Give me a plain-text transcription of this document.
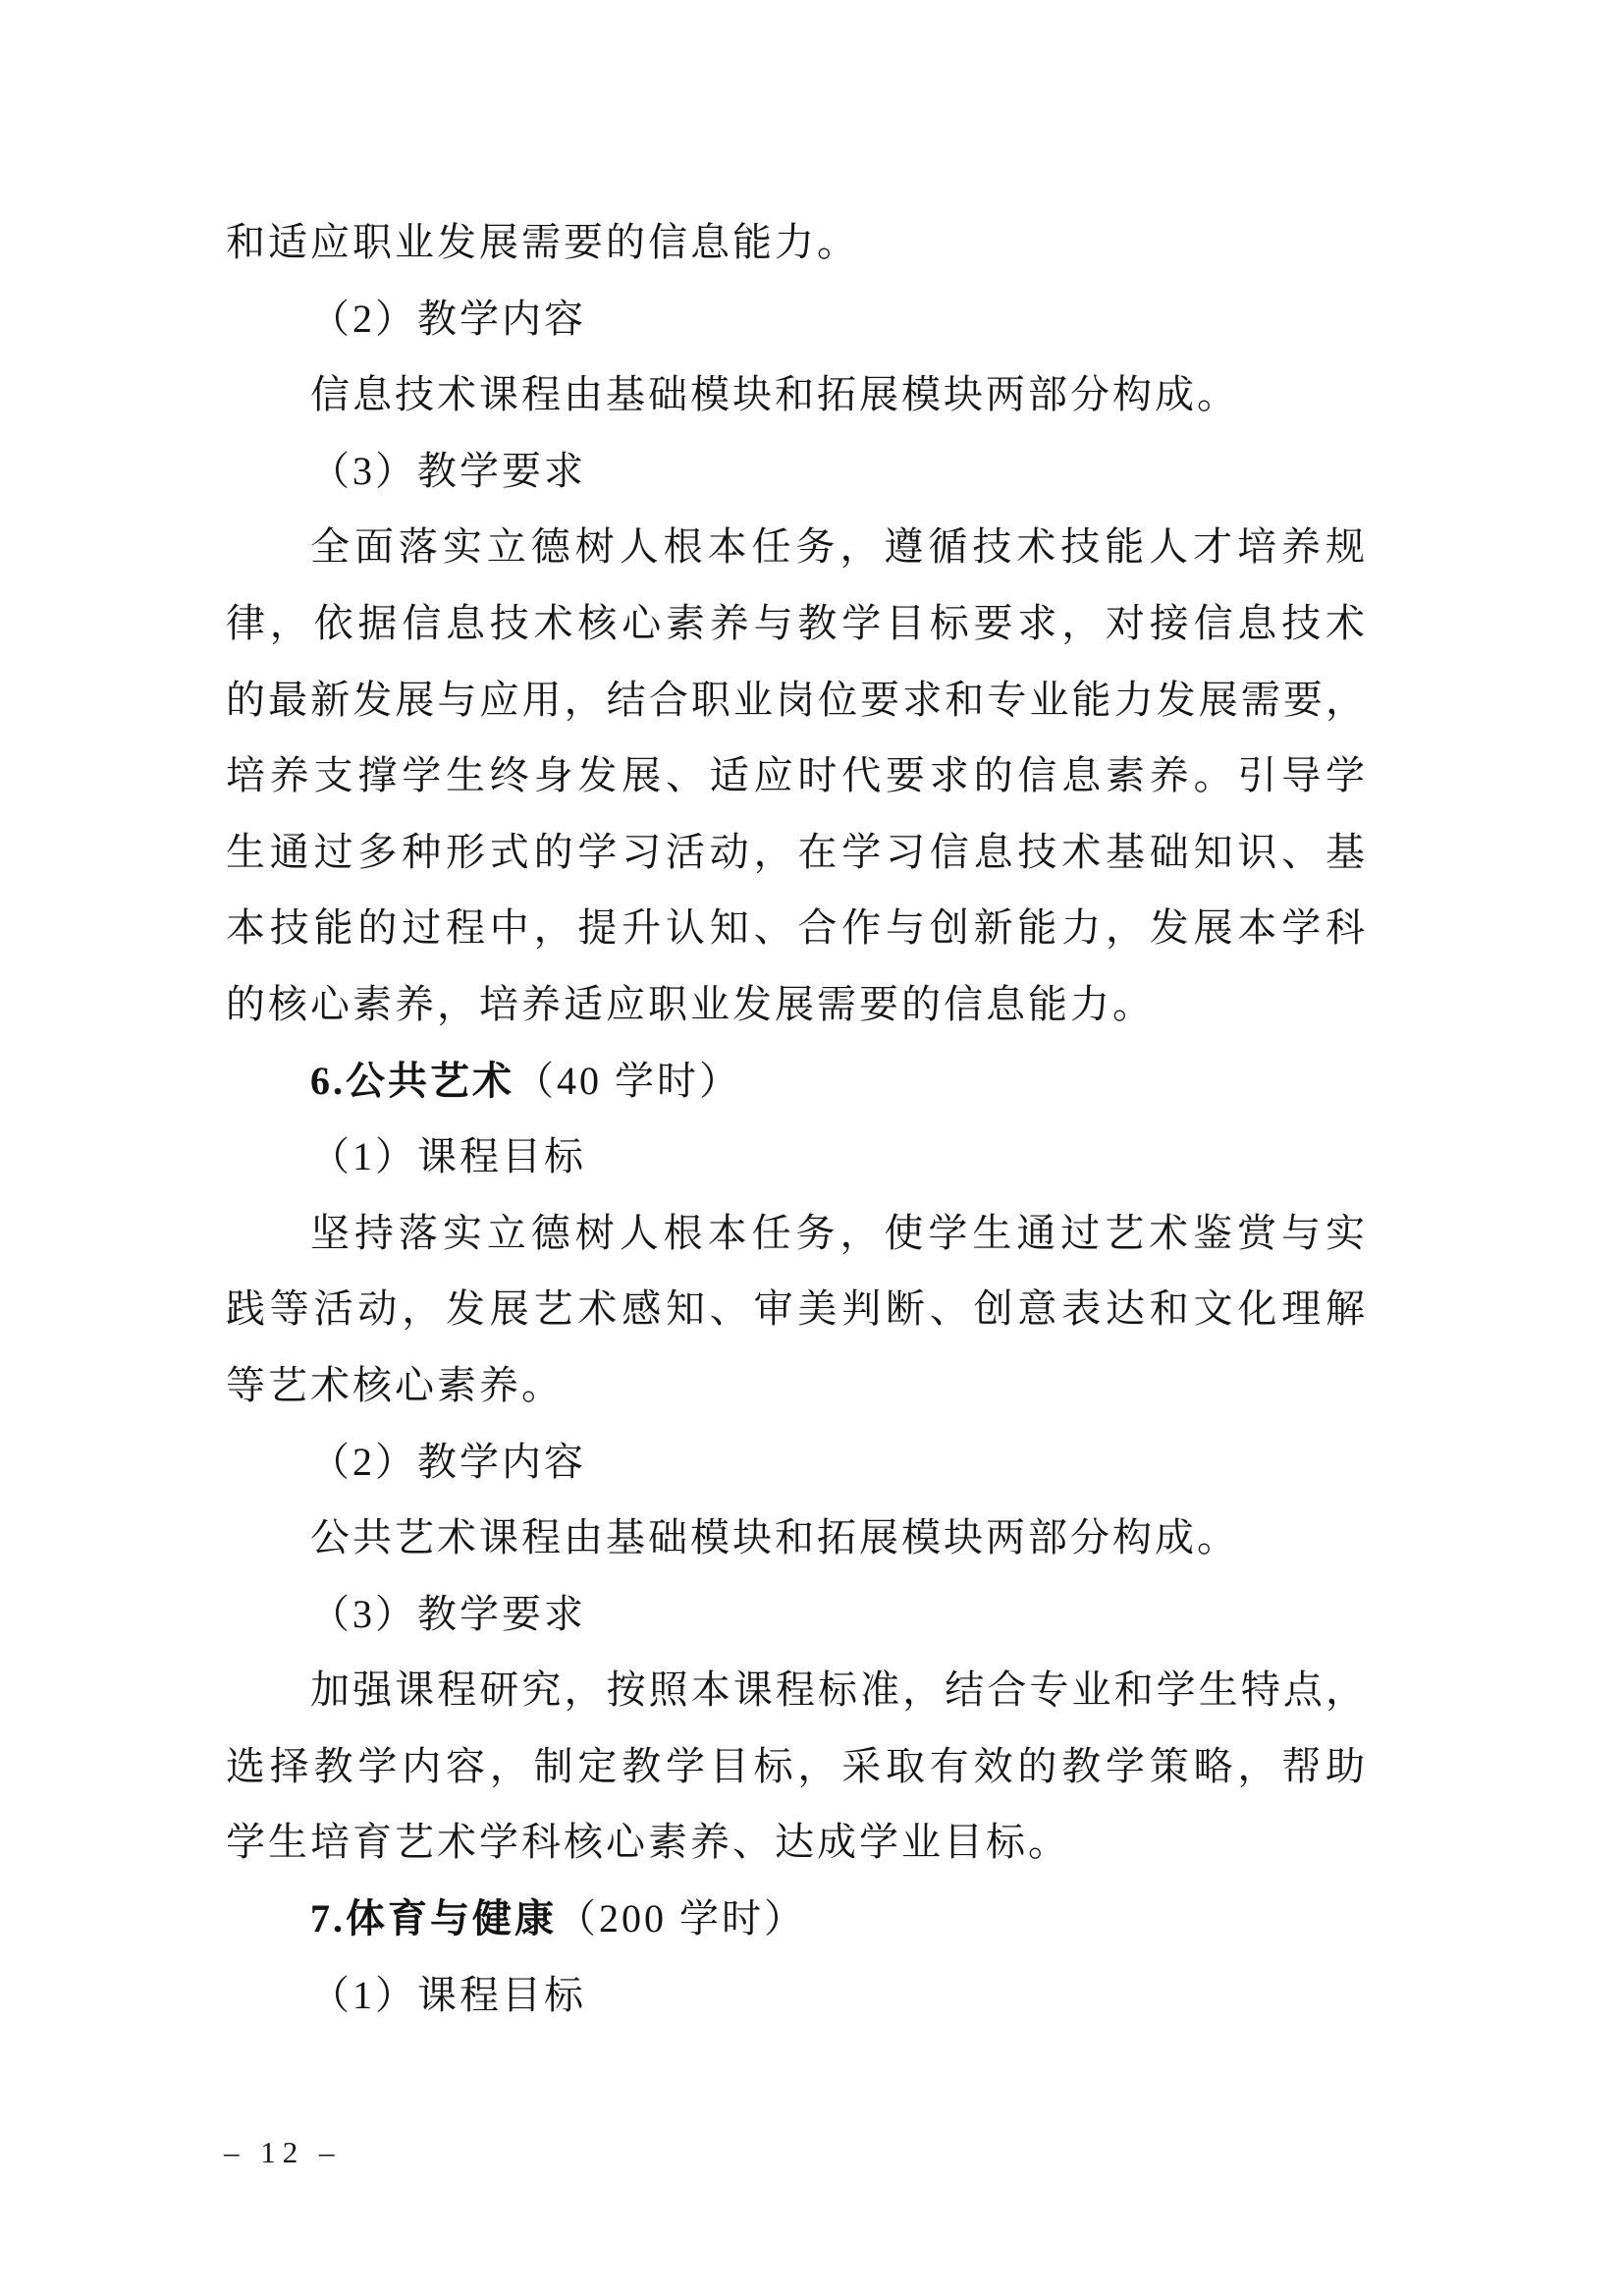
和适应职业发展需要的信息能力。
（2）教学内容
信息技术课程由基础模块和拓展模块两部分构成。
（3）教学要求
全面落实立德树人根本任务，遵循技术技能人才培养规
律，依据信息技术核心素养与教学目标要求，对接信息技术
的最新发展与应用，结合职业岗位要求和专业能力发展需要，
培养支撑学生终身发展、适应时代要求的信息素养。引导学
生通过多种形式的学习活动，在学习信息技术基础知识、基
本技能的过程中，提升认知、合作与创新能力，发展本学科
的核心素养，培养适应职业发展需要的信息能力。
6.公共艺术（40 学时）
（1）课程目标
坚持落实立德树人根本任务，使学生通过艺术鉴赏与实
践等活动，发展艺术感知、审美判断、创意表达和文化理解
等艺术核心素养。
（2）教学内容
公共艺术课程由基础模块和拓展模块两部分构成。
（3）教学要求
加强课程研究，按照本课程标准，结合专业和学生特点，
选择教学内容，制定教学目标，采取有效的教学策略，帮助
学生培育艺术学科核心素养、达成学业目标。
7.体育与健康（200 学时）
（1）课程目标
– 12 –
